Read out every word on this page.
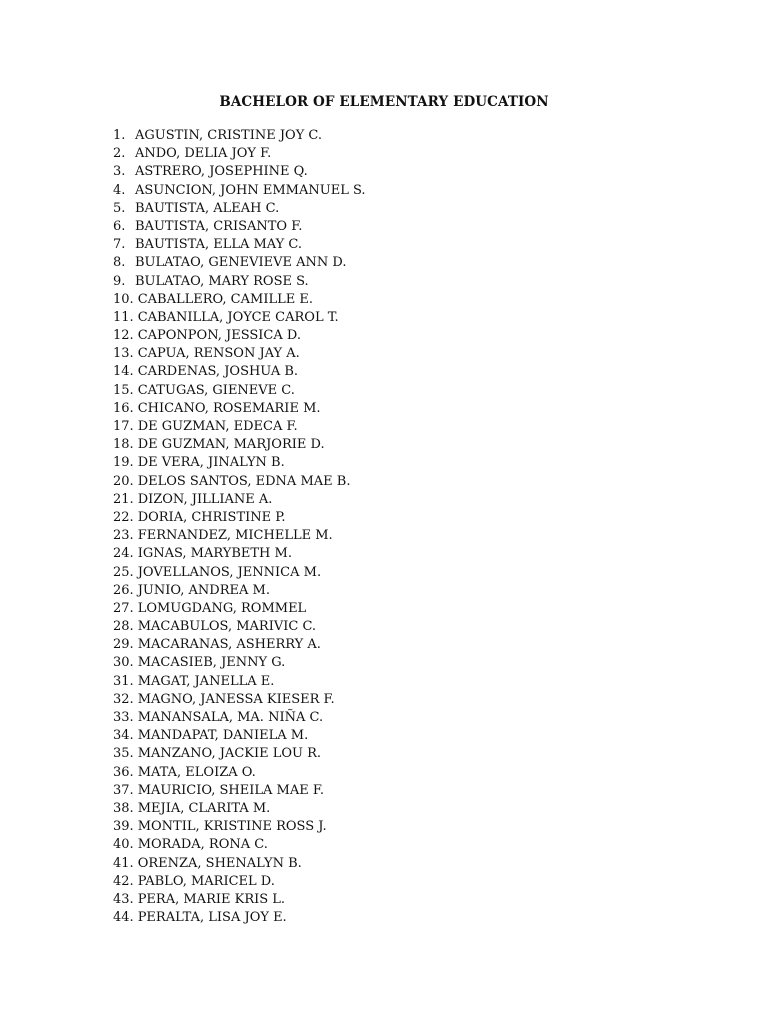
BACHELOR OF ELEMENTARY EDUCATION
1. AGUSTIN, CRISTINE JOY C.
2. ANDO, DELIA JOY F.
3. ASTRERO, JOSEPHINE Q.
4. ASUNCION, JOHN EMMANUEL S.
5. BAUTISTA, ALEAH C.
6. BAUTISTA, CRISANTO F.
7. BAUTISTA, ELLA MAY C.
8. BULATAO, GENEVIEVE ANN D.
9. BULATAO, MARY ROSE S.
10. CABALLERO, CAMILLE E.
11. CABANILLA, JOYCE CAROL T.
12. CAPONPON, JESSICA D.
13. CAPUA, RENSON JAY A.
14. CARDENAS, JOSHUA B.
15. CATUGAS, GIENEVE C.
16. CHICANO, ROSEMARIE M.
17. DE GUZMAN, EDECA F.
18. DE GUZMAN, MARJORIE D.
19. DE VERA, JINALYN B.
20. DELOS SANTOS, EDNA MAE B.
21. DIZON, JILLIANE A.
22. DORIA, CHRISTINE P.
23. FERNANDEZ, MICHELLE M.
24. IGNAS, MARYBETH M.
25. JOVELLANOS, JENNICA M.
26. JUNIO, ANDREA M.
27. LOMUGDANG, ROMMEL
28. MACABULOS, MARIVIC C.
29. MACARANAS, ASHERRY A.
30. MACASIEB, JENNY G.
31. MAGAT, JANELLA E.
32. MAGNO, JANESSA KIESER F.
33. MANANSALA, MA. NIÑA C.
34. MANDAPAT, DANIELA M.
35. MANZANO, JACKIE LOU R.
36. MATA, ELOIZA O.
37. MAURICIO, SHEILA MAE F.
38. MEJIA, CLARITA M.
39. MONTIL, KRISTINE ROSS J.
40. MORADA, RONA C.
41. ORENZA, SHENALYN B.
42. PABLO, MARICEL D.
43. PERA, MARIE KRIS L.
44. PERALTA, LISA JOY E.
